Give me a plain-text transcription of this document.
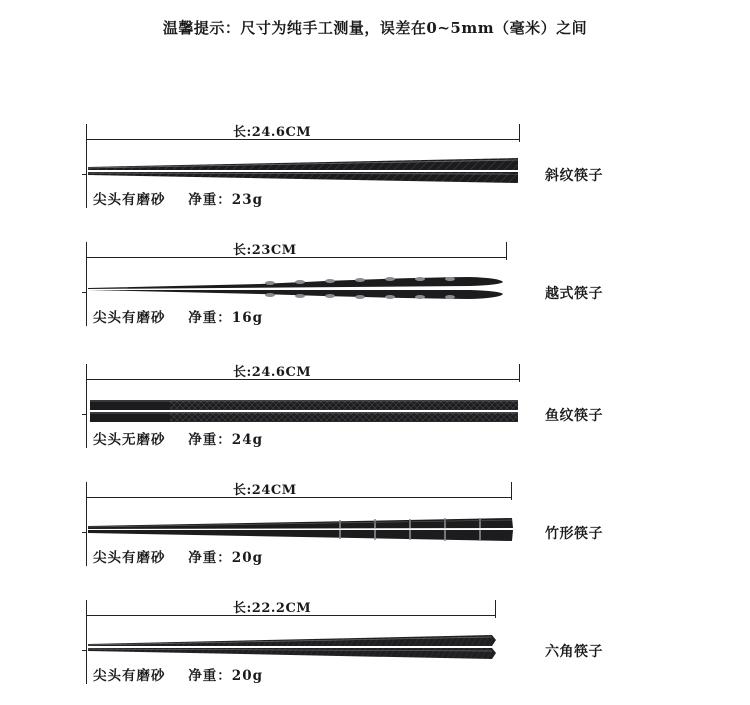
温馨提示：尺寸为纯手工测量，误差在0~5mm（毫米）之间
长:24.6CM
尖头有磨砂    净重：23g
斜纹筷子
长:23CM
尖头有磨砂    净重：16g
越式筷子
长:24.6CM
尖头无磨砂    净重：24g
鱼纹筷子
长:24CM
尖头有磨砂    净重：20g
竹形筷子
长:22.2CM
尖头有磨砂    净重：20g
六角筷子
